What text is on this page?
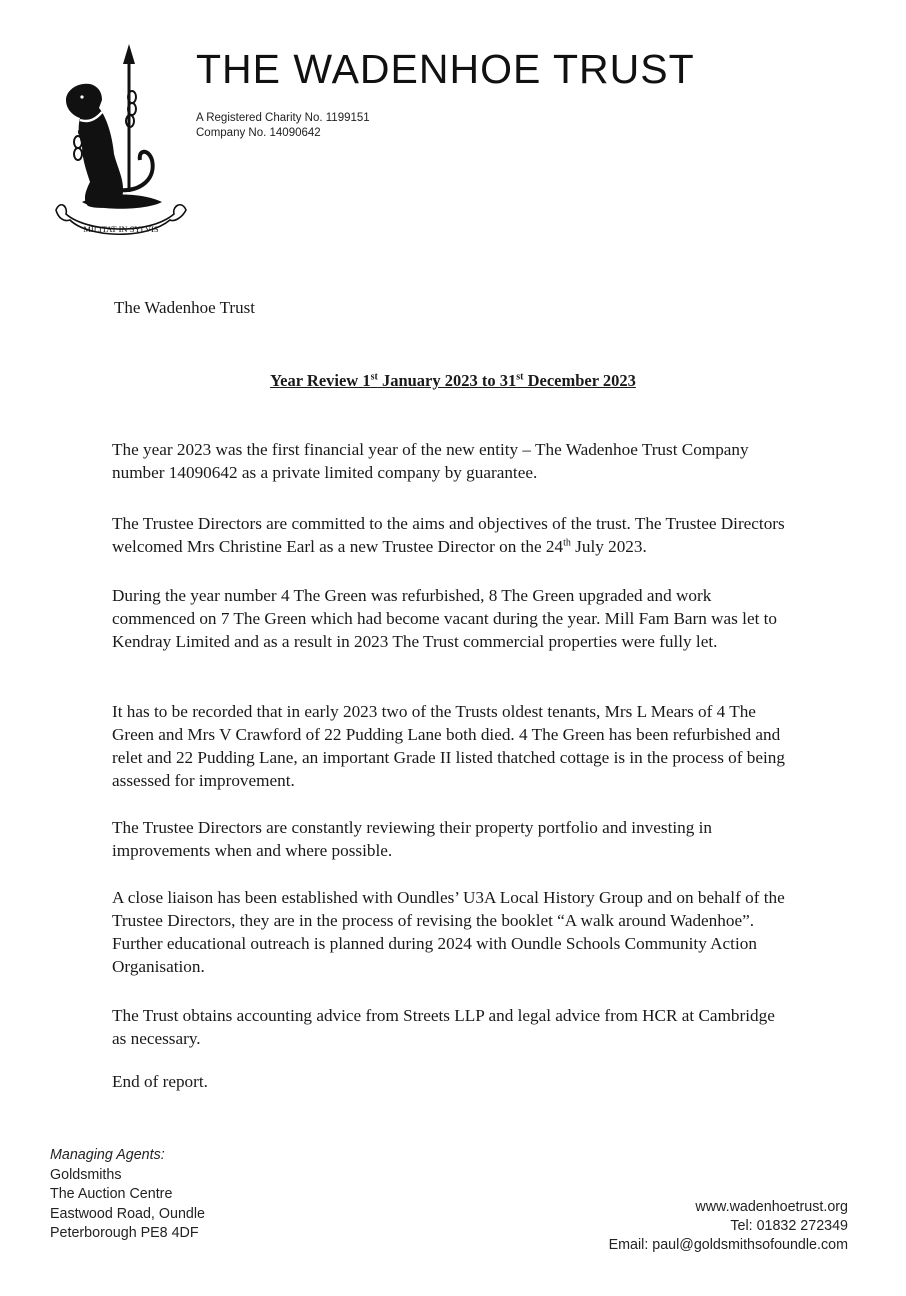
MILITAT IN SYLVIS
THE WADENHOE TRUST
A Registered Charity No. 1199151
Company No. 14090642
The Wadenhoe Trust
Year Review 1st January 2023 to 31st December 2023

The year 2023 was the first financial year of the new entity – The Wadenhoe Trust Company number 14090642 as a private limited company by guarantee.

The Trustee Directors are committed to the aims and objectives of the trust. The Trustee Directors welcomed Mrs Christine Earl as a new Trustee Director on the 24th July 2023.

During the year number 4 The Green was refurbished, 8 The Green upgraded and work commenced on 7 The Green which had become vacant during the year. Mill Fam Barn was let to Kendray Limited and as a result in 2023 The Trust commercial properties were fully let.

It has to be recorded that in early 2023 two of the Trusts oldest tenants, Mrs L Mears of 4 The Green and Mrs V Crawford of 22 Pudding Lane both died. 4 The Green has been refurbished and relet and 22 Pudding Lane, an important Grade II listed thatched cottage is in the process of being assessed for improvement.

The Trustee Directors are constantly reviewing their property portfolio and investing in improvements when and where possible.

A close liaison has been established with Oundles’ U3A Local History Group and on behalf of the Trustee Directors, they are in the process of revising the booklet “A walk around Wadenhoe”. Further educational outreach is planned during 2024 with Oundle Schools Community Action Organisation.

The Trust obtains accounting advice from Streets LLP and legal advice from HCR at Cambridge as necessary.

End of report.

Managing Agents:
Goldsmiths
The Auction Centre
Eastwood Road, Oundle
Peterborough PE8 4DF
www.wadenhoetrust.org
Tel: 01832 272349
Email: paul@goldsmithsofoundle.com
